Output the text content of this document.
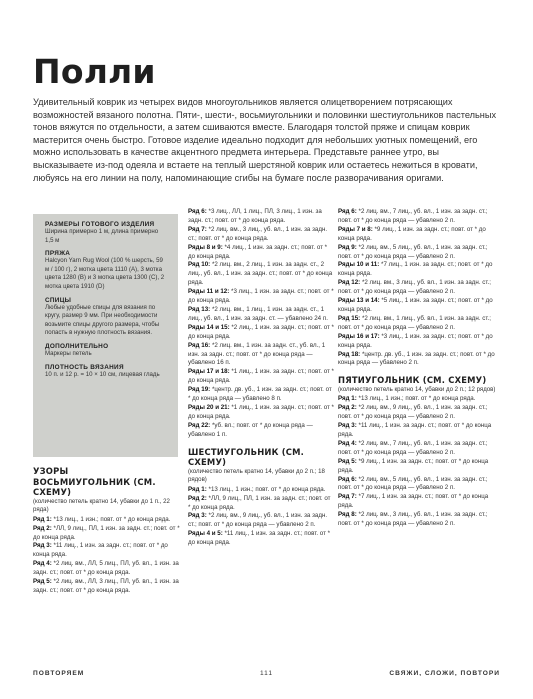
Полли

Удивительный коврик из четырех видов многоугольников является олицетворением потрясающих возможностей вязаного полотна. Пяти-, шести-, восьмиугольники и половинки шестиугольников пастельных тонов вяжутся по отдельности, а затем сшиваются вместе. Благодаря толстой пряже и спицам коврик мастерится очень быстро. Готовое изделие идеально подходит для небольших уютных помещений, его можно использовать в качестве акцентного предмета интерьера. Представьте раннее утро, вы высказываете из-под одеяла и встаете на теплый шерстяной коврик или остаетесь нежиться в кровати, любуясь на его линии на полу, напоминающие сгибы на бумаге после разворачивания оригами.

РАЗМЕРЫ ГОТОВОГО ИЗДЕЛИЯ
Ширина примерно 1 м, длина примерно 1,5 м
ПРЯЖА
Halcyon Yarn Rug Wool (100 % шерсть, 59 м / 100 г), 2 мотка цвета 1110 (A), 3 мотка цвета 1280 (B) и 3 мотка цвета 1300 (C), 2 мотка цвета 1910 (D)
СПИЦЫ
Любые удобные спицы для вязания по кругу, размер 9 мм. При необходимости возьмите спицы другого размера, чтобы попасть в нужную плотность вязания.
ДОПОЛНИТЕЛЬНО
Маркеры петель
ПЛОТНОСТЬ ВЯЗАНИЯ
10 п. и 12 р. = 10 × 10 см, лицевая гладь
УЗОРЫ
ВОСЬМИУГОЛЬНИК (СМ. СХЕМУ)
(количество петель кратно 14, убавки до 1 п., 22 ряда)
Ряд 1: *13 лиц., 1 изн.; повт. от * до конца ряда.
Ряд 2: *ЛЛ, 9 лиц., ПЛ, 1 изн. за задн. ст.; повт. от * до конца ряда.
Ряд 3: *11 лиц., 1 изн. за задн. ст.; повт. от * до конца ряда.
Ряд 4: *2 лиц. вм., ЛЛ, 5 лиц., ПЛ, уб. вл., 1 изн. за задн. ст.; повт. от * до конца ряда.
Ряд 5: *2 лиц. вм., ЛЛ, 3 лиц., ПЛ, уб. вл., 1 изн. за задн. ст.; повт. от * до конца ряда.
Ряд 6: *3 лиц., ЛЛ, 1 лиц., ПЛ, 3 лиц., 1 изн. за задн. ст.; повт. от * до конца ряда.
Ряд 7: *2 лиц. вм., 3 лиц., уб. вл., 1 изн. за задн. ст.; повт. от * до конца ряда.
Ряды 8 и 9: *4 лиц., 1 изн. за задн. ст.; повт. от * до конца ряда.
Ряд 10: *2 лиц. вм., 2 лиц., 1 изн. за задн. ст., 2 лиц., уб. вл., 1 изн. за задн. ст.; повт. от * до конца ряда.
Ряды 11 и 12: *3 лиц., 1 изн. за задн. ст.; повт. от * до конца ряда.
Ряд 13: *2 лиц. вм., 1 лиц., 1 изн. за задн. ст., 1 лиц., уб. вл., 1 изн. за задн. ст. — убавлено 24 п.
Ряды 14 и 15: *2 лиц., 1 изн. за задн. ст.; повт. от * до конца ряда.
Ряд 16: *2 лиц. вм., 1 изн. за задн. ст., уб. вл., 1 изн. за задн. ст.; повт. от * до конца ряда — убавлено 16 п.
Ряды 17 и 18: *1 лиц., 1 изн. за задн. ст.; повт. от * до конца ряда.
Ряд 19: *центр. дв. уб., 1 изн. за задн. ст.; повт. от * до конца ряда — убавлено 8 п.
Ряды 20 и 21: *1 лиц., 1 изн. за задн. ст.; повт. от * до конца ряда.
Ряд 22: *уб. вл.; повт. от * до конца ряда — убавлено 1 п.
ШЕСТИУГОЛЬНИК (СМ. СХЕМУ)
(количество петель кратно 14, убавки до 2 п.; 18 рядов)
Ряд 1: *13 лиц., 1 изн.; повт. от * до конца ряда.
Ряд 2: *ЛЛ, 9 лиц., ПЛ, 1 изн. за задн. ст.; повт. от * до конца ряда.
Ряд 3: *2 лиц. вм., 9 лиц., уб. вл., 1 изн. за задн. ст.; повт. от * до конца ряда — убавлено 2 п.
Ряды 4 и 5: *11 лиц., 1 изн. за задн. ст.; повт. от * до конца ряда.
Ряд 6: *2 лиц. вм., 7 лиц., уб. вл., 1 изн. за задн. ст.; повт. от * до конца ряда — убавлено 2 п.
Ряды 7 и 8: *9 лиц., 1 изн. за задн. ст.; повт. от * до конца ряда.
Ряд 9: *2 лиц. вм., 5 лиц., уб. вл., 1 изн. за задн. ст.; повт. от * до конца ряда — убавлено 2 п.
Ряды 10 и 11: *7 лиц., 1 изн. за задн. ст.; повт. от * до конца ряда.
Ряд 12: *2 лиц. вм., 3 лиц., уб. вл., 1 изн. за задн. ст.; повт. от * до конца ряда — убавлено 2 п.
Ряды 13 и 14: *5 лиц., 1 изн. за задн. ст.; повт. от * до конца ряда.
Ряд 15: *2 лиц. вм., 1 лиц., уб. вл., 1 изн. за задн. ст.; повт. от * до конца ряда — убавлено 2 п.
Ряды 16 и 17: *3 лиц., 1 изн. за задн. ст.; повт. от * до конца ряда.
Ряд 18: *центр. дв. уб., 1 изн. за задн. ст.; повт. от * до конца ряда — убавлено 2 п.
ПЯТИУГОЛЬНИК (СМ. СХЕМУ)
(количество петель кратно 14, убавки до 2 п.; 12 рядов)
Ряд 1: *13 лиц., 1 изн.; повт. от * до конца ряда.
Ряд 2: *2 лиц. вм., 9 лиц., уб. вл., 1 изн. за задн. ст.; повт. от * до конца ряда — убавлено 2 п.
Ряд 3: *11 лиц., 1 изн. за задн. ст.; повт. от * до конца ряда.
Ряд 4: *2 лиц. вм., 7 лиц., уб. вл., 1 изн. за задн. ст.; повт. от * до конца ряда — убавлено 2 п.
Ряд 5: *9 лиц., 1 изн. за задн. ст.; повт. от * до конца ряда.
Ряд 6: *2 лиц. вм., 5 лиц., уб. вл., 1 изн. за задн. ст.; повт. от * до конца ряда — убавлено 2 п.
Ряд 7: *7 лиц., 1 изн. за задн. ст.; повт. от * до конца ряда.
Ряд 8: *2 лиц. вм., 3 лиц., уб. вл., 1 изн. за задн. ст.; повт. от * до конца ряда — убавлено 2 п.
ПОВТОРЯЕМ	111	СВЯЖИ, СЛОЖИ, ПОВТОРИ
